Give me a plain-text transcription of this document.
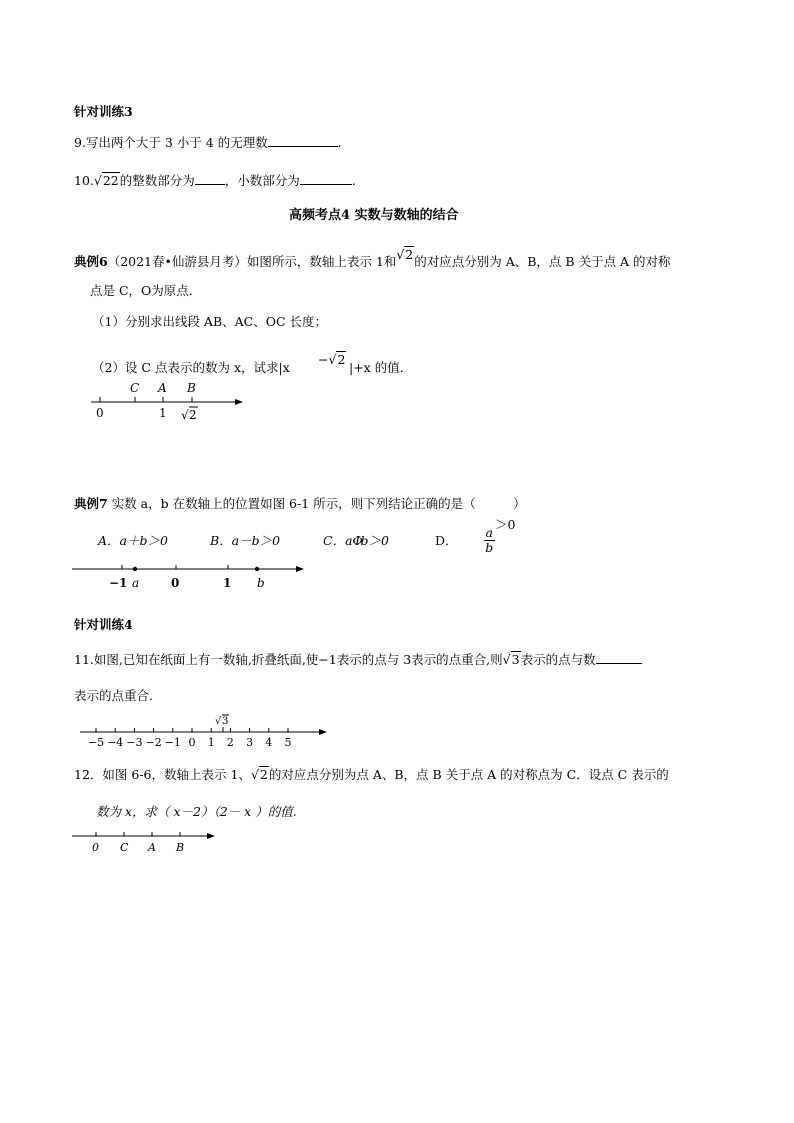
针对训练3
9.写出两个大于 3 小于 4 的无理数	.
10.√22的整数部分为 ，小数部分为	.
高频考点4 实数与数轴的结合
典例6（2021春•仙游县月考）如图所示，数轴上表示 1和√2的对应点分别为 A、B，点 B 关于点 A 的对称
点是 C，O为原点．
（1）分别求出线段 AB、AC、OC 长度；
（2）设 C 点表示的数为 x，试求|x
−√2
|+x 的值．
C A B
0	1 √ 2
典例7 实数 a，b 在数轴上的位置如图 6-1 所示，则下列结论正确的是（　　　）
A．a＋b＞0	B．a－b＞0	C．aΦb＞0	D． $\frac{a}{b}$
＞0
−1 a	0	1 b
针对训练4
11.如图,已知在纸面上有一数轴,折叠纸面,使−1表示的点与 3表示的点重合,则√3表示的点与数
表示的点重合.
√ 3
−5 −4 −3 −2 −1 0 1 2 3 4 5
12．如图 6-6，数轴上表示 1、√2的对应点分别为点 A、B，点 B 关于点 A 的对称点为 C．设点 C 表示的
数为 x，求（ x－2）（2－ x ）的值.
0 C A B
